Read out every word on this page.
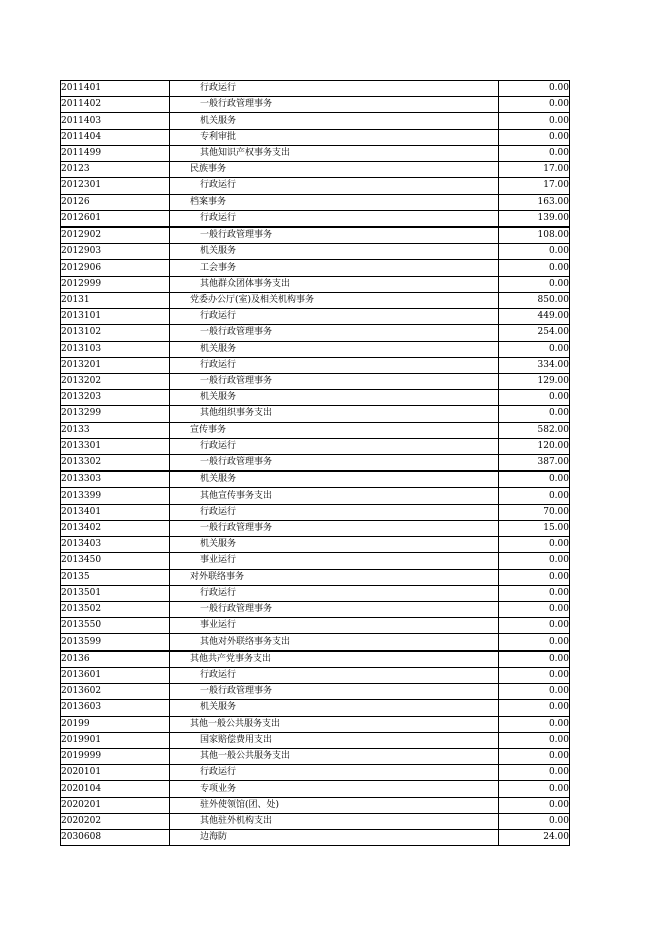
2011401	行政运行	0.00
2011402	一般行政管理事务	0.00
2011403	机关服务	0.00
2011404	专利审批	0.00
2011499	其他知识产权事务支出	0.00
20123	民族事务	17.00
2012301	行政运行	17.00
20126	档案事务	163.00
2012601	行政运行	139.00
2012902	一般行政管理事务	108.00
2012903	机关服务	0.00
2012906	工会事务	0.00
2012999	其他群众团体事务支出	0.00
20131	党委办公厅(室)及相关机构事务	850.00
2013101	行政运行	449.00
2013102	一般行政管理事务	254.00
2013103	机关服务	0.00
2013201	行政运行	334.00
2013202	一般行政管理事务	129.00
2013203	机关服务	0.00
2013299	其他组织事务支出	0.00
20133	宣传事务	582.00
2013301	行政运行	120.00
2013302	一般行政管理事务	387.00
2013303	机关服务	0.00
2013399	其他宣传事务支出	0.00
2013401	行政运行	70.00
2013402	一般行政管理事务	15.00
2013403	机关服务	0.00
2013450	事业运行	0.00
20135	对外联络事务	0.00
2013501	行政运行	0.00
2013502	一般行政管理事务	0.00
2013550	事业运行	0.00
2013599	其他对外联络事务支出	0.00
20136	其他共产党事务支出	0.00
2013601	行政运行	0.00
2013602	一般行政管理事务	0.00
2013603	机关服务	0.00
20199	其他一般公共服务支出	0.00
2019901	国家赔偿费用支出	0.00
2019999	其他一般公共服务支出	0.00
2020101	行政运行	0.00
2020104	专项业务	0.00
2020201	驻外使领馆(团、处)	0.00
2020202	其他驻外机构支出	0.00
2030608	边海防	24.00
